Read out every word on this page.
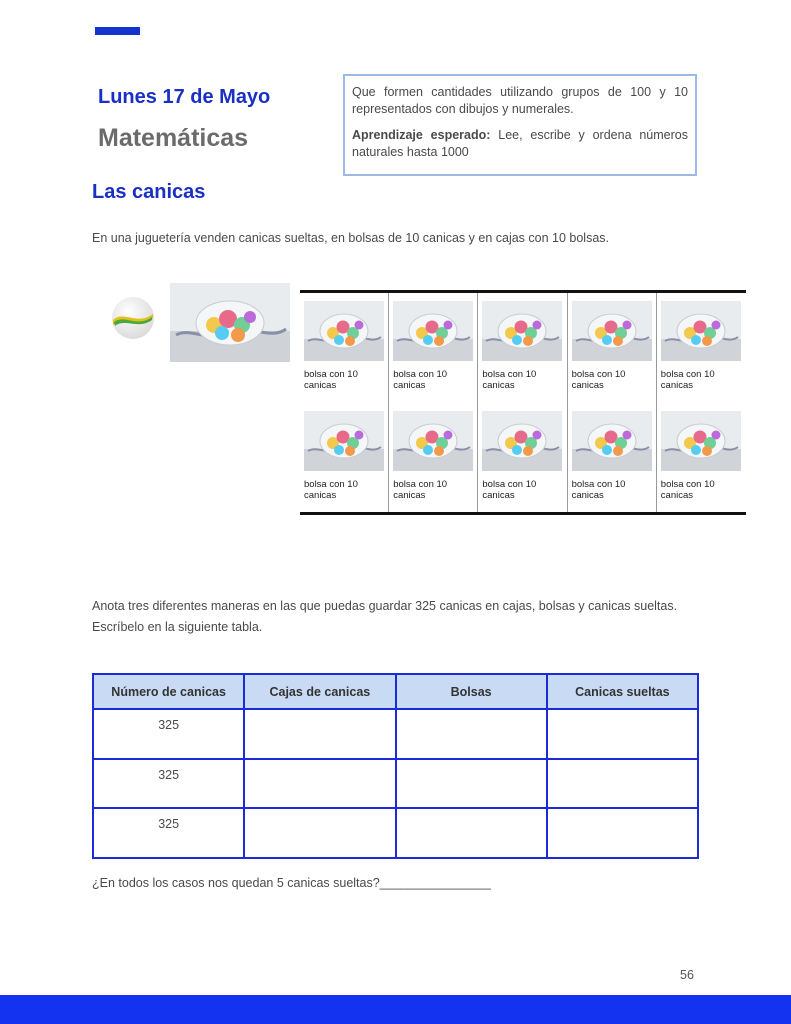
Lunes 17 de Mayo
Matemáticas

Que formen cantidades utilizando grupos de 100 y 10 representados con dibujos y numerales.

Aprendizaje esperado: Lee, escribe y ordena números naturales hasta 1000

Las canicas
En una juguetería venden canicas sueltas, en bolsas de 10 canicas y en cajas con 10 bolsas.
bolsa con 10 canicas
bolsa con 10 canicas
bolsa con 10 canicas
bolsa con 10 canicas
bolsa con 10 canicas
bolsa con 10 canicas
bolsa con 10 canicas
bolsa con 10 canicas
bolsa con 10 canicas
bolsa con 10 canicas
Anota tres diferentes maneras en las que puedas guardar 325 canicas en cajas, bolsas y canicas sueltas. Escríbelo en la siguiente tabla.
Número de canicas	Cajas de canicas	Bolsas	Canicas sueltas
325			
325			
325			
¿En todos los casos nos quedan 5 canicas sueltas?________________
56
